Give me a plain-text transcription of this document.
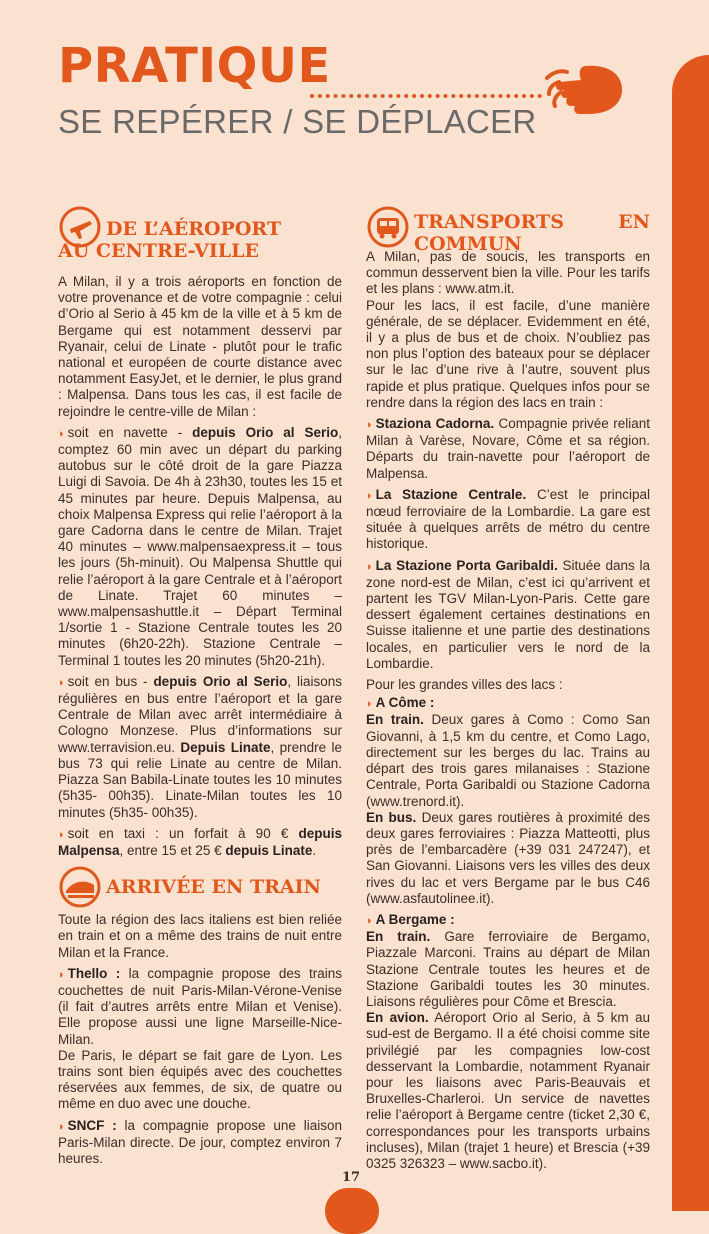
PRATIQUE
SE REPÉRER / SE DÉPLACER
DE L’AÉROPORT
AU CENTRE-VILLE

A Milan, il y a trois aéroports en fonction de votre provenance et de votre compagnie : celui d’Orio al Serio à 45 km de la ville et à 5 km de Bergame qui est notamment desservi par Ryanair, celui de Linate - plutôt pour le trafic national et européen de courte distance avec notamment EasyJet, et le dernier, le plus grand : Malpensa. Dans tous les cas, il est facile de rejoindre le centre-ville de Milan :

◗ soit en navette - depuis Orio al Serio, comptez 60 min avec un départ du parking autobus sur le côté droit de la gare Piazza Luigi di Savoia. De 4h à 23h30, toutes les 15 et 45 minutes par heure. Depuis Malpensa, au choix Malpensa Express qui relie l’aéroport à la gare Cadorna dans le centre de Milan. Trajet 40 minutes – www.malpensaexpress.it – tous les jours (5h-minuit). Ou Malpensa Shuttle qui relie l’aéroport à la gare Centrale et à l’aéroport de Linate. Trajet 60 minutes – www.malpensashuttle.it – Départ Terminal 1/sortie 1 - Stazione Centrale toutes les 20 minutes (6h20-22h). Stazione Centrale – Terminal 1 toutes les 20 minutes (5h20-21h).

◗ soit en bus - depuis Orio al Serio, liaisons régulières en bus entre l’aéroport et la gare Centrale de Milan avec arrêt intermédiaire à Cologno Monzese. Plus d’informations sur www.terravision.eu. Depuis Linate, prendre le bus 73 qui relie Linate au centre de Milan. Piazza San Babila-Linate toutes les 10 minutes (5h35- 00h35). Linate-Milan toutes les 10 minutes (5h35- 00h35).

◗ soit en taxi : un forfait à 90 € depuis Malpensa, entre 15 et 25 € depuis Linate.

ARRIVÉE EN TRAIN

Toute la région des lacs italiens est bien reliée en train et on a même des trains de nuit entre Milan et la France.

◗ Thello : la compagnie propose des trains couchettes de nuit Paris-Milan-Vérone-Venise (il fait d’autres arrêts entre Milan et Venise). Elle propose aussi une ligne Marseille-Nice-Milan.

De Paris, le départ se fait gare de Lyon. Les trains sont bien équipés avec des couchettes réservées aux femmes, de six, de quatre ou même en duo avec une douche.

◗ SNCF : la compagnie propose une liaison Paris-Milan directe. De jour, comptez environ 7 heures.

TRANSPORTS EN COMMUN

A Milan, pas de soucis, les transports en commun desservent bien la ville. Pour les tarifs et les plans : www.atm.it.

Pour les lacs, il est facile, d’une manière générale, de se déplacer. Evidemment en été, il y a plus de bus et de choix. N’oubliez pas non plus l’option des bateaux pour se déplacer sur le lac d’une rive à l’autre, souvent plus rapide et plus pratique. Quelques infos pour se rendre dans la région des lacs en train :

◗ Staziona Cadorna. Compagnie privée reliant Milan à Varèse, Novare, Côme et sa région. Départs du train-navette pour l’aéroport de Malpensa.

◗ La Stazione Centrale. C’est le principal nœud ferroviaire de la Lombardie. La gare est située à quelques arrêts de métro du centre historique.

◗ La Stazione Porta Garibaldi. Située dans la zone nord-est de Milan, c’est ici qu’arrivent et partent les TGV Milan-Lyon-Paris. Cette gare dessert également certaines destinations en Suisse italienne et une partie des destinations locales, en particulier vers le nord de la Lombardie.

Pour les grandes villes des lacs :

◗ A Côme :

En train. Deux gares à Como : Como San Giovanni, à 1,5 km du centre, et Como Lago, directement sur les berges du lac. Trains au départ des trois gares milanaises : Stazione Centrale, Porta Garibaldi ou Stazione Cadorna (www.trenord.it).

En bus. Deux gares routières à proximité des deux gares ferroviaires : Piazza Matteotti, plus près de l’embarcadère (+39 031 247247), et San Giovanni. Liaisons vers les villes des deux rives du lac et vers Bergame par le bus C46 (www.asfautolinee.it).

◗ A Bergame :

En train. Gare ferroviaire de Bergamo, Piazzale Marconi. Trains au départ de Milan Stazione Centrale toutes les heures et de Stazione Garibaldi toutes les 30 minutes. Liaisons régulières pour Côme et Brescia.

En avion. Aéroport Orio al Serio, à 5 km au sud-est de Bergamo. Il a été choisi comme site privilégié par les compagnies low-cost desservant la Lombardie, notamment Ryanair pour les liaisons avec Paris-Beauvais et Bruxelles-Charleroi. Un service de navettes relie l’aéroport à Bergame centre (ticket 2,30 €, correspondances pour les transports urbains incluses), Milan (trajet 1 heure) et Brescia (+39 0325 326323 – www.sacbo.it).

17
